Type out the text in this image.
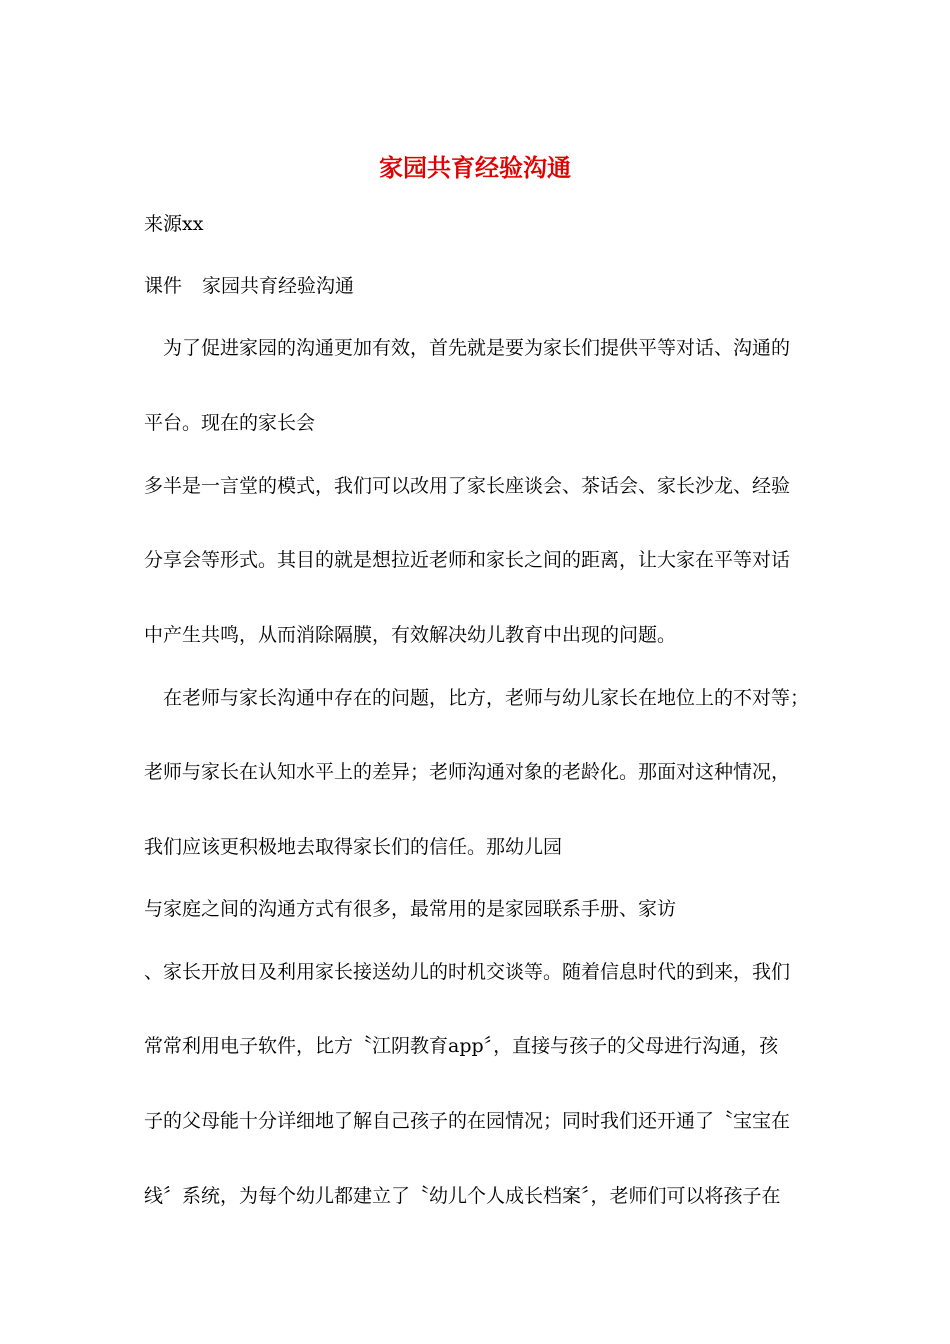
家园共育经验沟通
来源xx
课件 家园共育经验沟通
　为了促进家园的沟通更加有效，首先就是要为家长们提供平等对话、沟通的
平台。现在的家长会
多半是一言堂的模式，我们可以改用了家长座谈会、茶话会、家长沙龙、经验
分享会等形式。其目的就是想拉近老师和家长之间的距离，让大家在平等对话
中产生共鸣，从而消除隔膜，有效解决幼儿教育中出现的问题。
　在老师与家长沟通中存在的问题，比方，老师与幼儿家长在地位上的不对等；
老师与家长在认知水平上的差异；老师沟通对象的老龄化。那面对这种情况，
我们应该更积极地去取得家长们的信任。那幼儿园
与家庭之间的沟通方式有很多，最常用的是家园联系手册、家访
、家长开放日及利用家长接送幼儿的时机交谈等。随着信息时代的到来，我们
常常利用电子软件，比方〝江阴教育app〞，直接与孩子的父母进行沟通，孩
子的父母能十分详细地了解自己孩子的在园情况；同时我们还开通了〝宝宝在
线〞系统，为每个幼儿都建立了〝幼儿个人成长档案〞，老师们可以将孩子在
